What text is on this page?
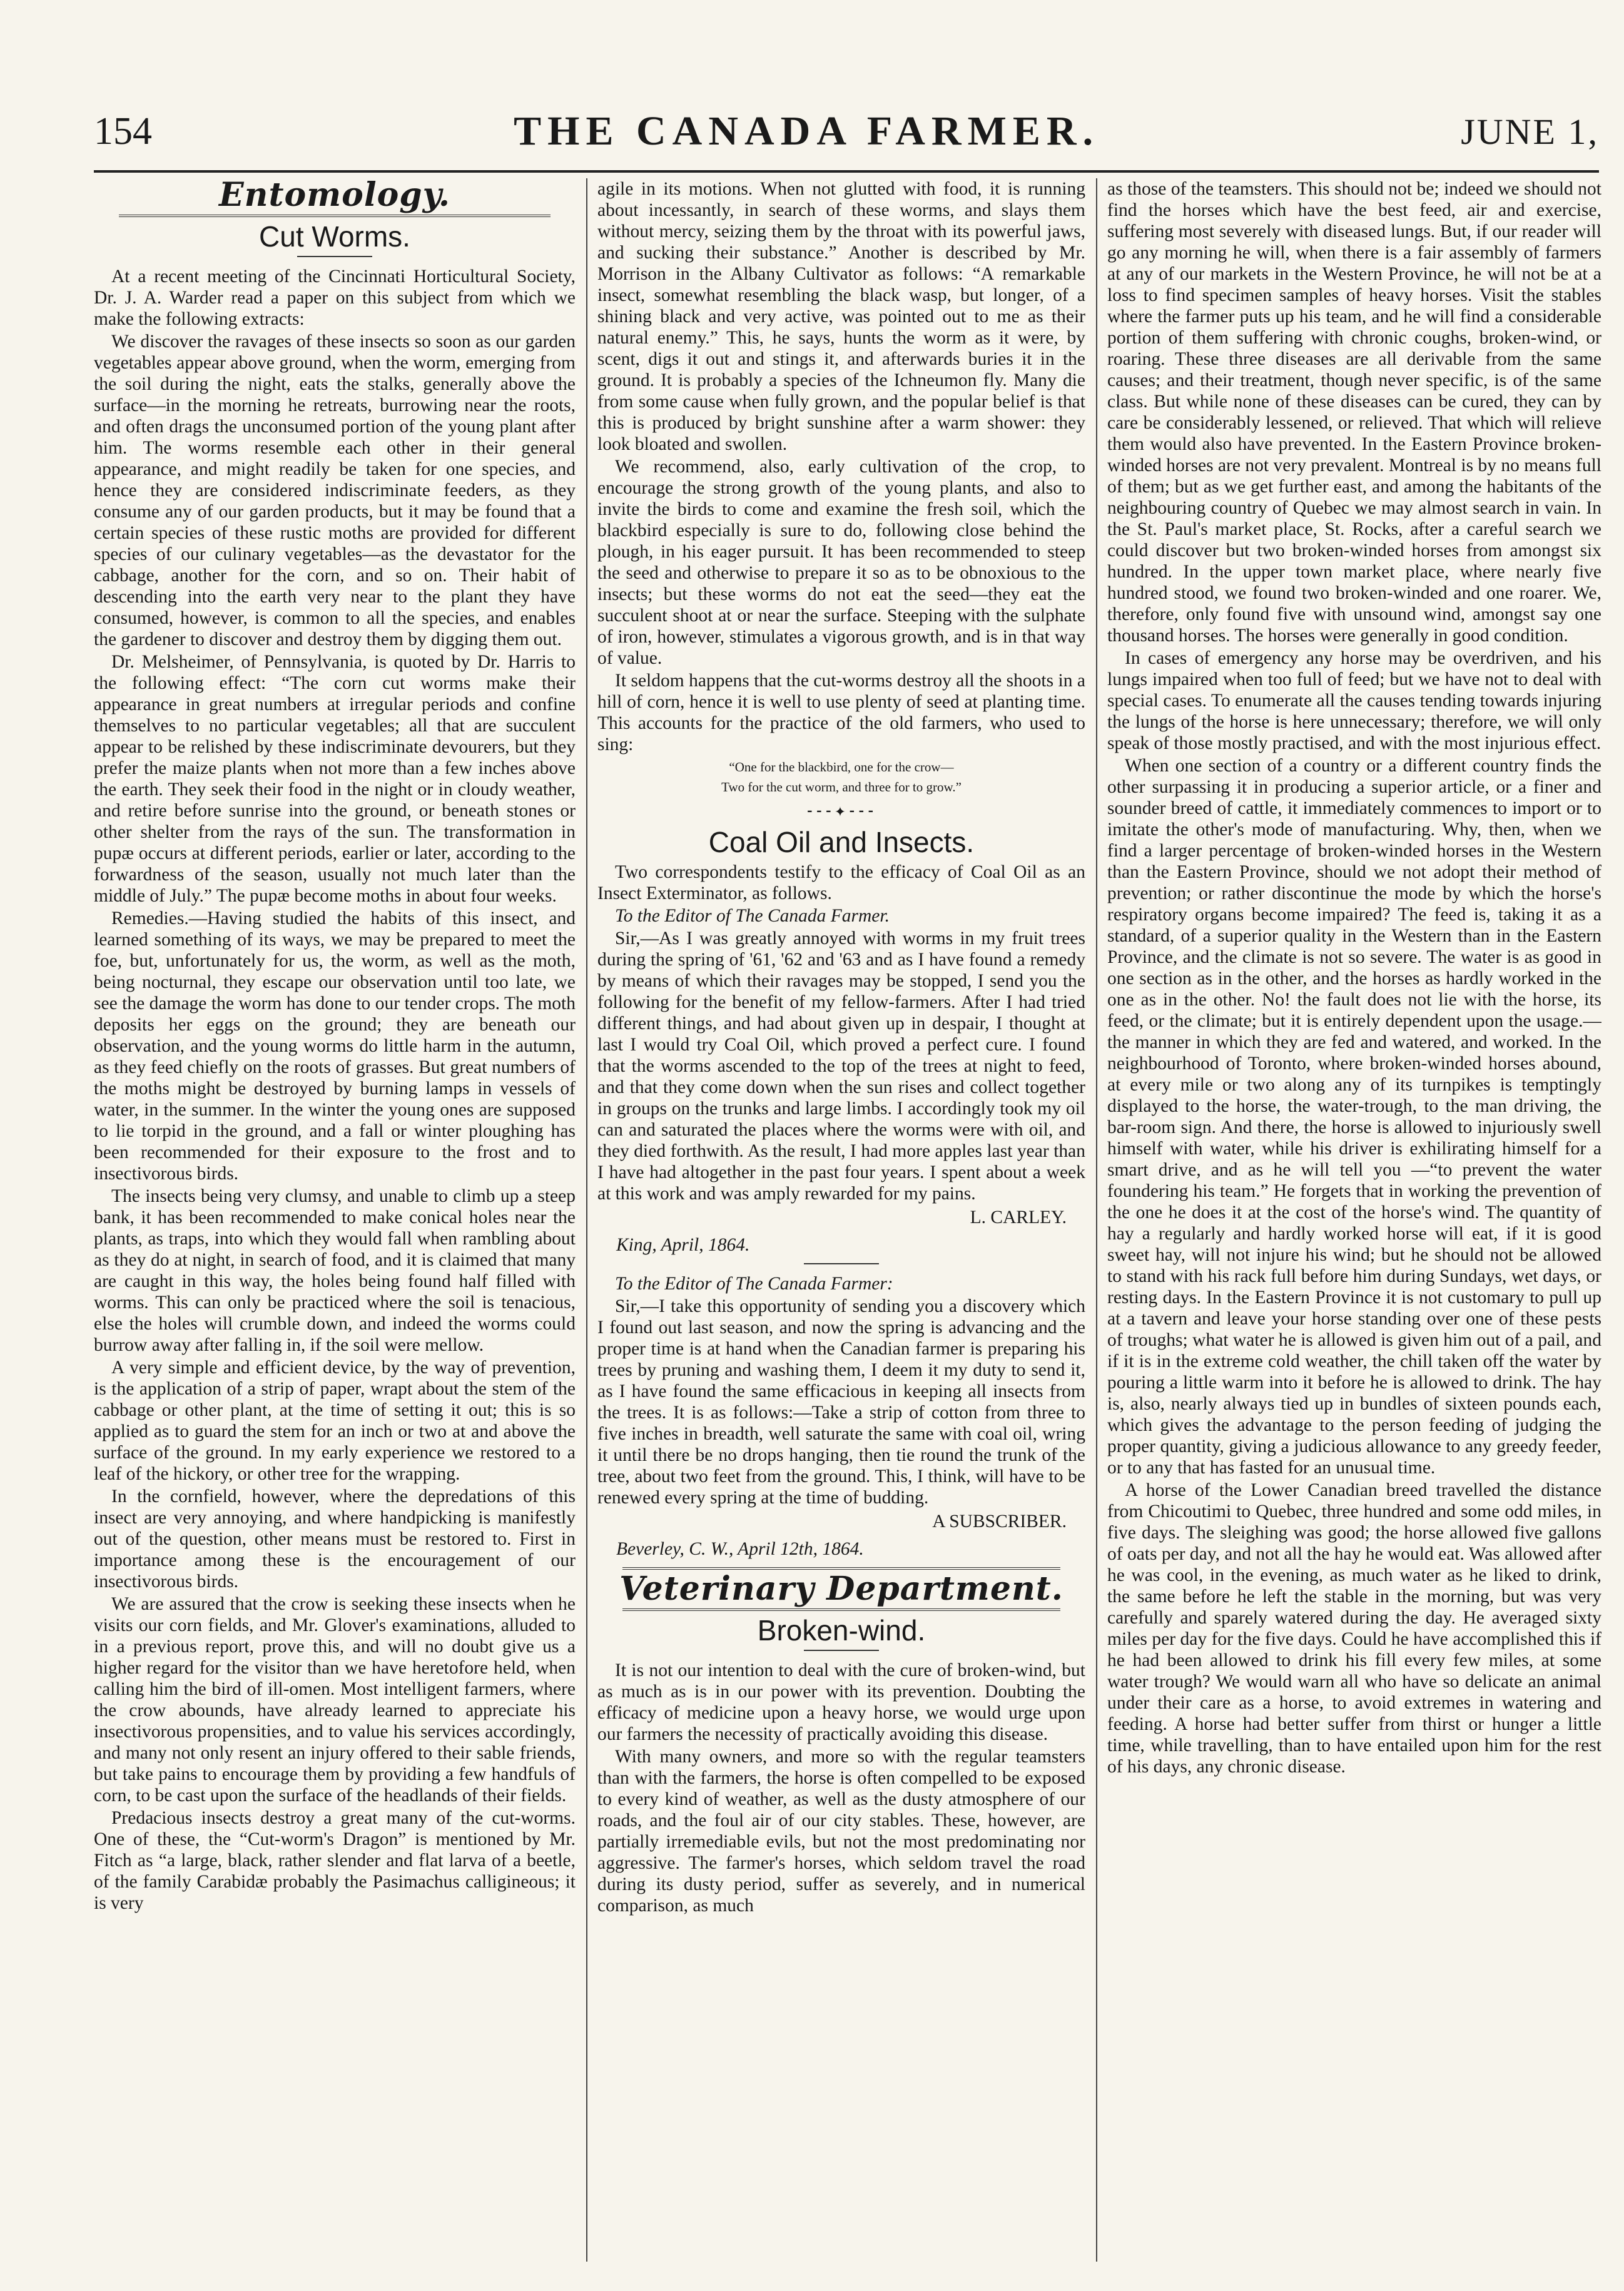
154	THE CANADA FARMER.	JUNE 1,
Entomology.
Cut Worms.

At a recent meeting of the Cincinnati Horticultural Society, Dr. J. A. Warder read a paper on this subject from which we make the following extracts:

We discover the ravages of these insects so soon as our garden vegetables appear above ground, when the worm, emerging from the soil during the night, eats the stalks, generally above the surface—in the morning he retreats, burrowing near the roots, and often drags the unconsumed portion of the young plant after him. The worms resemble each other in their general appearance, and might readily be taken for one species, and hence they are considered indiscriminate feeders, as they consume any of our garden products, but it may be found that a certain species of these rustic moths are provided for different species of our culinary vegetables—as the devastator for the cabbage, another for the corn, and so on. Their habit of descending into the earth very near to the plant they have consumed, however, is common to all the species, and enables the gardener to discover and destroy them by digging them out.

Dr. Melsheimer, of Pennsylvania, is quoted by Dr. Harris to the following effect: “The corn cut worms make their appearance in great numbers at irregular periods and confine themselves to no particular vegetables; all that are succulent appear to be relished by these indiscriminate devourers, but they prefer the maize plants when not more than a few inches above the earth. They seek their food in the night or in cloudy weather, and retire before sunrise into the ground, or beneath stones or other shelter from the rays of the sun. The transformation in pupæ occurs at different periods, earlier or later, according to the forwardness of the season, usually not much later than the middle of July.” The pupæ become moths in about four weeks.

Remedies.—Having studied the habits of this insect, and learned something of its ways, we may be prepared to meet the foe, but, unfortunately for us, the worm, as well as the moth, being nocturnal, they escape our observation until too late, we see the damage the worm has done to our tender crops. The moth deposits her eggs on the ground; they are beneath our observation, and the young worms do little harm in the autumn, as they feed chiefly on the roots of grasses. But great numbers of the moths might be destroyed by burning lamps in vessels of water, in the summer. In the winter the young ones are supposed to lie torpid in the ground, and a fall or winter ploughing has been recommended for their exposure to the frost and to insectivorous birds.

The insects being very clumsy, and unable to climb up a steep bank, it has been recommended to make conical holes near the plants, as traps, into which they would fall when rambling about as they do at night, in search of food, and it is claimed that many are caught in this way, the holes being found half filled with worms. This can only be practiced where the soil is tenacious, else the holes will crumble down, and indeed the worms could burrow away after falling in, if the soil were mellow.

A very simple and efficient device, by the way of prevention, is the application of a strip of paper, wrapt about the stem of the cabbage or other plant, at the time of setting it out; this is so applied as to guard the stem for an inch or two at and above the surface of the ground. In my early experience we restored to a leaf of the hickory, or other tree for the wrapping.

In the cornfield, however, where the depredations of this insect are very annoying, and where handpicking is manifestly out of the question, other means must be restored to. First in importance among these is the encouragement of our insectivorous birds.

We are assured that the crow is seeking these insects when he visits our corn fields, and Mr. Glover's examinations, alluded to in a previous report, prove this, and will no doubt give us a higher regard for the visitor than we have heretofore held, when calling him the bird of ill-omen. Most intelligent farmers, where the crow abounds, have already learned to appreciate his insectivorous propensities, and to value his services accordingly, and many not only resent an injury offered to their sable friends, but take pains to encourage them by providing a few handfuls of corn, to be cast upon the surface of the headlands of their fields.

Predacious insects destroy a great many of the cut-worms. One of these, the “Cut-worm's Dragon” is mentioned by Mr. Fitch as “a large, black, rather slender and flat larva of a beetle, of the family Carabidæ probably the Pasimachus calligineous; it is very

agile in its motions. When not glutted with food, it is running about incessantly, in search of these worms, and slays them without mercy, seizing them by the throat with its powerful jaws, and sucking their substance.” Another is described by Mr. Morrison in the Albany Cultivator as follows: “A remarkable insect, somewhat resembling the black wasp, but longer, of a shining black and very active, was pointed out to me as their natural enemy.” This, he says, hunts the worm as it were, by scent, digs it out and stings it, and afterwards buries it in the ground. It is probably a species of the Ichneumon fly. Many die from some cause when fully grown, and the popular belief is that this is produced by bright sunshine after a warm shower: they look bloated and swollen.

We recommend, also, early cultivation of the crop, to encourage the strong growth of the young plants, and also to invite the birds to come and examine the fresh soil, which the blackbird especially is sure to do, following close behind the plough, in his eager pursuit. It has been recommended to steep the seed and otherwise to prepare it so as to be obnoxious to the insects; but these worms do not eat the seed—they eat the succulent shoot at or near the surface. Steeping with the sulphate of iron, however, stimulates a vigorous growth, and is in that way of value.

It seldom happens that the cut-worms destroy all the shoots in a hill of corn, hence it is well to use plenty of seed at planting time. This accounts for the practice of the old farmers, who used to sing:

“One for the blackbird, one for the crow—
Two for the cut worm, and three for to grow.”
⁃⁃⁃✦⁃⁃⁃
Coal Oil and Insects.

Two correspondents testify to the efficacy of Coal Oil as an Insect Exterminator, as follows.

To the Editor of The Canada Farmer.

Sir,—As I was greatly annoyed with worms in my fruit trees during the spring of '61, '62 and '63 and as I have found a remedy by means of which their ravages may be stopped, I send you the following for the benefit of my fellow-farmers. After I had tried different things, and had about given up in despair, I thought at last I would try Coal Oil, which proved a perfect cure. I found that the worms ascended to the top of the trees at night to feed, and that they come down when the sun rises and collect together in groups on the trunks and large limbs. I accordingly took my oil can and saturated the places where the worms were with oil, and they died forthwith. As the result, I had more apples last year than I have had altogether in the past four years. I spent about a week at this work and was amply rewarded for my pains.

L. CARLEY.
King, April, 1864.

To the Editor of The Canada Farmer:

Sir,—I take this opportunity of sending you a discovery which I found out last season, and now the spring is advancing and the proper time is at hand when the Canadian farmer is preparing his trees by pruning and washing them, I deem it my duty to send it, as I have found the same efficacious in keeping all insects from the trees. It is as follows:—Take a strip of cotton from three to five inches in breadth, well saturate the same with coal oil, wring it until there be no drops hanging, then tie round the trunk of the tree, about two feet from the ground. This, I think, will have to be renewed every spring at the time of budding.

A SUBSCRIBER.
Beverley, C. W., April 12th, 1864.
Veterinary Department.
Broken-wind.

It is not our intention to deal with the cure of broken-wind, but as much as is in our power with its prevention. Doubting the efficacy of medicine upon a heavy horse, we would urge upon our farmers the necessity of practically avoiding this disease.

With many owners, and more so with the regular teamsters than with the farmers, the horse is often compelled to be exposed to every kind of weather, as well as the dusty atmosphere of our roads, and the foul air of our city stables. These, however, are partially irremediable evils, but not the most predominating nor aggressive. The farmer's horses, which seldom travel the road during its dusty period, suffer as severely, and in numerical comparison, as much

as those of the teamsters. This should not be; indeed we should not find the horses which have the best feed, air and exercise, suffering most severely with diseased lungs. But, if our reader will go any morning he will, when there is a fair assembly of farmers at any of our markets in the Western Province, he will not be at a loss to find specimen samples of heavy horses. Visit the stables where the farmer puts up his team, and he will find a considerable portion of them suffering with chronic coughs, broken-wind, or roaring. These three diseases are all derivable from the same causes; and their treatment, though never specific, is of the same class. But while none of these diseases can be cured, they can by care be considerably lessened, or relieved. That which will relieve them would also have prevented. In the Eastern Province broken-winded horses are not very prevalent. Montreal is by no means full of them; but as we get further east, and among the habitants of the neighbouring country of Quebec we may almost search in vain. In the St. Paul's market place, St. Rocks, after a careful search we could discover but two broken-winded horses from amongst six hundred. In the upper town market place, where nearly five hundred stood, we found two broken-winded and one roarer. We, therefore, only found five with unsound wind, amongst say one thousand horses. The horses were generally in good condition.

In cases of emergency any horse may be overdriven, and his lungs impaired when too full of feed; but we have not to deal with special cases. To enumerate all the causes tending towards injuring the lungs of the horse is here unnecessary; therefore, we will only speak of those mostly practised, and with the most injurious effect.

When one section of a country or a different country finds the other surpassing it in producing a superior article, or a finer and sounder breed of cattle, it immediately commences to import or to imitate the other's mode of manufacturing. Why, then, when we find a larger percentage of broken-winded horses in the Western than the Eastern Province, should we not adopt their method of prevention; or rather discontinue the mode by which the horse's respiratory organs become impaired? The feed is, taking it as a standard, of a superior quality in the Western than in the Eastern Province, and the climate is not so severe. The water is as good in one section as in the other, and the horses as hardly worked in the one as in the other. No! the fault does not lie with the horse, its feed, or the climate; but it is entirely dependent upon the usage.—the manner in which they are fed and watered, and worked. In the neighbourhood of Toronto, where broken-winded horses abound, at every mile or two along any of its turnpikes is temptingly displayed to the horse, the water-trough, to the man driving, the bar-room sign. And there, the horse is allowed to injuriously swell himself with water, while his driver is exhilirating himself for a smart drive, and as he will tell you —“to prevent the water foundering his team.” He forgets that in working the prevention of the one he does it at the cost of the horse's wind. The quantity of hay a regularly and hardly worked horse will eat, if it is good sweet hay, will not injure his wind; but he should not be allowed to stand with his rack full before him during Sundays, wet days, or resting days. In the Eastern Province it is not customary to pull up at a tavern and leave your horse standing over one of these pests of troughs; what water he is allowed is given him out of a pail, and if it is in the extreme cold weather, the chill taken off the water by pouring a little warm into it before he is allowed to drink. The hay is, also, nearly always tied up in bundles of sixteen pounds each, which gives the advantage to the person feeding of judging the proper quantity, giving a judicious allowance to any greedy feeder, or to any that has fasted for an unusual time.

A horse of the Lower Canadian breed travelled the distance from Chicoutimi to Quebec, three hundred and some odd miles, in five days. The sleighing was good; the horse allowed five gallons of oats per day, and not all the hay he would eat. Was allowed after he was cool, in the evening, as much water as he liked to drink, the same before he left the stable in the morning, but was very carefully and sparely watered during the day. He averaged sixty miles per day for the five days. Could he have accomplished this if he had been allowed to drink his fill every few miles, at some water trough? We would warn all who have so delicate an animal under their care as a horse, to avoid extremes in watering and feeding. A horse had better suffer from thirst or hunger a little time, while travelling, than to have entailed upon him for the rest of his days, any chronic disease.
